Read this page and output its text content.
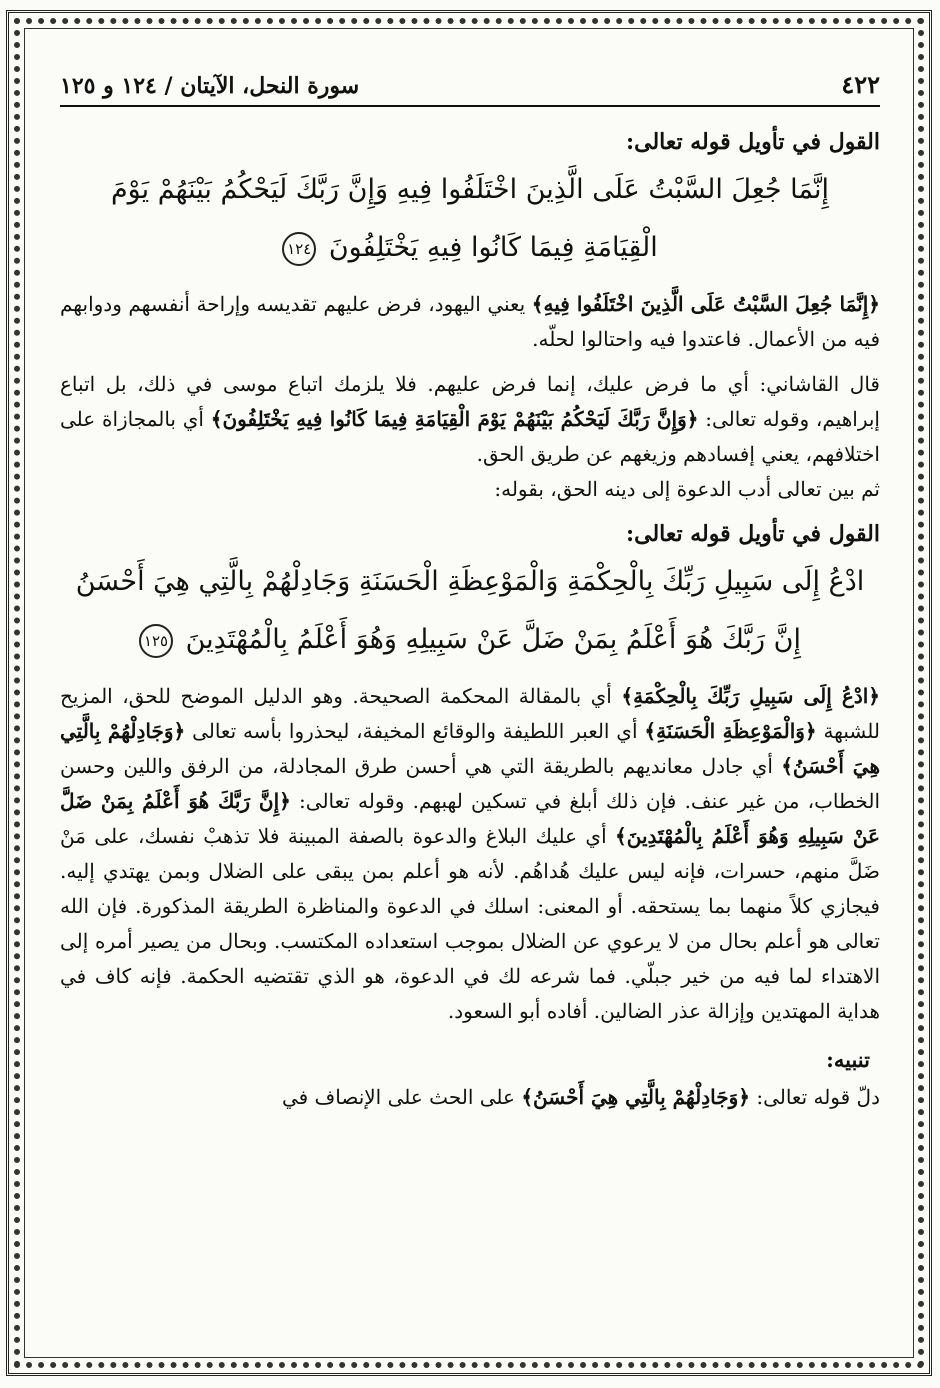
٤٢٢
سورة النحل، الآيتان / ١٢٤ و ١٢٥
القول في تأويل قوله تعالى:
إِنَّمَا جُعِلَ السَّبْتُ عَلَى الَّذِينَ اخْتَلَفُوا فِيهِ وَإِنَّ رَبَّكَ لَيَحْكُمُ بَيْنَهُمْ يَوْمَ
الْقِيَامَةِ فِيمَا كَانُوا فِيهِ يَخْتَلِفُونَ ١٢٤

﴿إِنَّمَا جُعِلَ السَّبْتُ عَلَى الَّذِينَ اخْتَلَفُوا فِيهِ﴾ يعني اليهود، فرض عليهم تقديسه وإراحة أنفسهم ودوابهم فيه من الأعمال. فاعتدوا فيه واحتالوا لحلّه.

قال القاشاني: أي ما فرض عليك، إنما فرض عليهم. فلا يلزمك اتباع موسى في ذلك، بل اتباع إبراهيم، وقوله تعالى: ﴿وَإِنَّ رَبَّكَ لَيَحْكُمُ بَيْنَهُمْ يَوْمَ الْقِيَامَةِ فِيمَا كَانُوا فِيهِ يَخْتَلِفُونَ﴾ أي بالمجازاة على اختلافهم، يعني إفسادهم وزيغهم عن طريق الحق.
ثم بين تعالى أدب الدعوة إلى دينه الحق، بقوله:

القول في تأويل قوله تعالى:
ادْعُ إِلَى سَبِيلِ رَبِّكَ بِالْحِكْمَةِ وَالْمَوْعِظَةِ الْحَسَنَةِ وَجَادِلْهُمْ بِالَّتِي هِيَ أَحْسَنُ
إِنَّ رَبَّكَ هُوَ أَعْلَمُ بِمَنْ ضَلَّ عَنْ سَبِيلِهِ وَهُوَ أَعْلَمُ بِالْمُهْتَدِينَ ١٢٥

﴿ادْعُ إِلَى سَبِيلِ رَبِّكَ بِالْحِكْمَةِ﴾ أي بالمقالة المحكمة الصحيحة. وهو الدليل الموضح للحق، المزيح للشبهة ﴿وَالْمَوْعِظَةِ الْحَسَنَةِ﴾ أي العبر اللطيفة والوقائع المخيفة، ليحذروا بأسه تعالى ﴿وَجَادِلْهُمْ بِالَّتِي هِيَ أَحْسَنُ﴾ أي جادل معانديهم بالطريقة التي هي أحسن طرق المجادلة، من الرفق واللين وحسن الخطاب، من غير عنف. فإن ذلك أبلغ في تسكين لهبهم. وقوله تعالى: ﴿إِنَّ رَبَّكَ هُوَ أَعْلَمُ بِمَنْ ضَلَّ عَنْ سَبِيلِهِ وَهُوَ أَعْلَمُ بِالْمُهْتَدِينَ﴾ أي عليك البلاغ والدعوة بالصفة المبينة فلا تذهبْ نفسك، على مَنْ ضَلَّ منهم، حسرات، فإنه ليس عليك هُداهُم. لأنه هو أعلم بمن يبقى على الضلال وبمن يهتدي إليه. فيجازي كلاً منهما بما يستحقه. أو المعنى: اسلك في الدعوة والمناظرة الطريقة المذكورة. فإن الله تعالى هو أعلم بحال من لا يرعوي عن الضلال بموجب استعداده المكتسب. وبحال من يصير أمره إلى الاهتداء لما فيه من خير جبلّي. فما شرعه لك في الدعوة، هو الذي تقتضيه الحكمة. فإنه كاف في هداية المهتدين وإزالة عذر الضالين. أفاده أبو السعود.

تنبيه:

دلّ قوله تعالى: ﴿وَجَادِلْهُمْ بِالَّتِي هِيَ أَحْسَنُ﴾ على الحث على الإنصاف في
